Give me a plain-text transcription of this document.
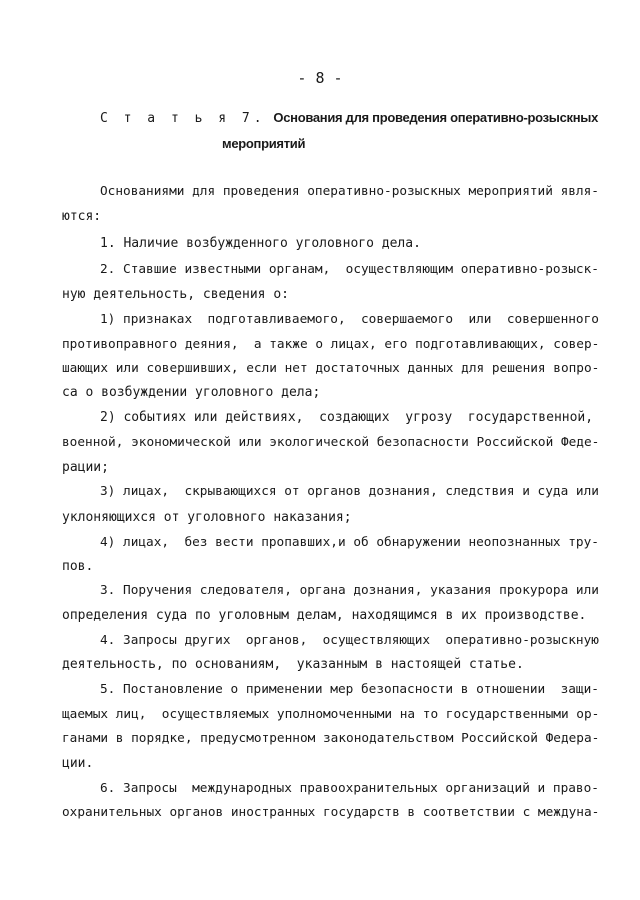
- 8 -
С т а т ь я 7. Основания для проведения оперативно-розыскных
мероприятий
Основаниями для проведения оперативно-розыскных мероприятий явля-
ются:
1. Наличие возбужденного уголовного дела.
2. Ставшие известными органам,  осуществляющим оперативно-розыск-
ную деятельность, сведения о:
1) признаках  подготавливаемого,  совершаемого  или  совершенного
противоправного деяния,  а также о лицах, его подготавливающих, совер-
шающих или совершивших, если нет достаточных данных для решения вопро-
са о возбуждении уголовного дела;
2) событиях или действиях,  создающих  угрозу  государственной,
военной, экономической или экологической безопасности Российской Феде-
рации;
3) лицах,  скрывающихся от органов дознания, следствия и суда или
уклоняющихся от уголовного наказания;
4) лицах,  без вести пропавших,и об обнаружении неопознанных тру-
пов.
3. Поручения следователя, органа дознания, указания прокурора или
определения суда по уголовным делам, находящимся в их производстве.
4. Запросы других  органов,  осуществляющих  оперативно-розыскную
деятельность, по основаниям,  указанным в настоящей статье.
5. Постановление о применении мер безопасности в отношении  защи-
щаемых лиц,  осуществляемых уполномоченными на то государственными ор-
ганами в порядке, предусмотренном законодательством Российской Федера-
ции.
6. Запросы  международных правоохранительных организаций и право-
охранительных органов иностранных государств в соответствии с междуна-
